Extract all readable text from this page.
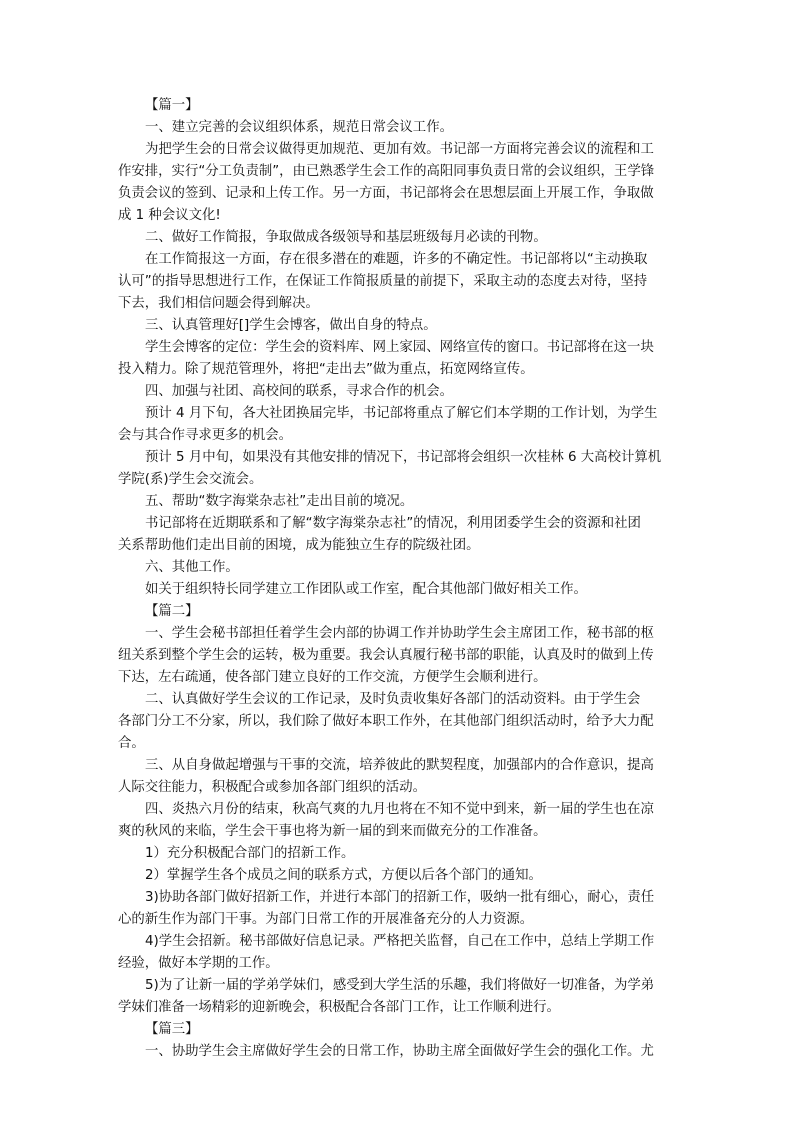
【篇一】
一、建立完善的会议组织体系，规范日常会议工作。
为把学生会的日常会议做得更加规范、更加有效。书记部一方面将完善会议的流程和工
作安排，实行“分工负责制”，由已熟悉学生会工作的高阳同事负责日常的会议组织，王学锋
负责会议的签到、记录和上传工作。另一方面，书记部将会在思想层面上开展工作，争取做
成 1 种会议文化!
二、做好工作简报，争取做成各级领导和基层班级每月必读的刊物。
在工作简报这一方面，存在很多潜在的难题，许多的不确定性。书记部将以“主动换取
认可”的指导思想进行工作，在保证工作简报质量的前提下，采取主动的态度去对待，坚持
下去，我们相信问题会得到解决。
三、认真管理好[]学生会博客，做出自身的特点。
学生会博客的定位：学生会的资料库、网上家园、网络宣传的窗口。书记部将在这一块
投入精力。除了规范管理外，将把“走出去”做为重点，拓宽网络宣传。
四、加强与社团、高校间的联系，寻求合作的机会。
预计 4 月下旬，各大社团换届完毕，书记部将重点了解它们本学期的工作计划，为学生
会与其合作寻求更多的机会。
预计 5 月中旬，如果没有其他安排的情况下，书记部将会组织一次桂林 6 大高校计算机
学院(系)学生会交流会。
五、帮助“数字海棠杂志社”走出目前的境况。
书记部将在近期联系和了解“数字海棠杂志社”的情况，利用团委学生会的资源和社团
关系帮助他们走出目前的困境，成为能独立生存的院级社团。
六、其他工作。
如关于组织特长同学建立工作团队或工作室，配合其他部门做好相关工作。
【篇二】
一、学生会秘书部担任着学生会内部的协调工作并协助学生会主席团工作，秘书部的枢
纽关系到整个学生会的运转，极为重要。我会认真履行秘书部的职能，认真及时的做到上传
下达，左右疏通，使各部门建立良好的工作交流，方便学生会顺利进行。
二、认真做好学生会议的工作记录，及时负责收集好各部门的活动资料。由于学生会
各部门分工不分家，所以，我们除了做好本职工作外，在其他部门组织活动时，给予大力配
合。
三、从自身做起增强与干事的交流，培养彼此的默契程度，加强部内的合作意识，提高
人际交往能力，积极配合或参加各部门组织的活动。
四、炎热六月份的结束，秋高气爽的九月也将在不知不觉中到来，新一届的学生也在凉
爽的秋风的来临，学生会干事也将为新一届的到来而做充分的工作准备。
1）充分积极配合部门的招新工作。
2）掌握学生各个成员之间的联系方式，方便以后各个部门的通知。
3)协助各部门做好招新工作，并进行本部门的招新工作，吸纳一批有细心，耐心，责任
心的新生作为部门干事。为部门日常工作的开展准备充分的人力资源。
4)学生会招新。秘书部做好信息记录。严格把关监督，自己在工作中，总结上学期工作
经验，做好本学期的工作。
5)为了让新一届的学弟学妹们，感受到大学生活的乐趣，我们将做好一切准备，为学弟
学妹们准备一场精彩的迎新晚会，积极配合各部门工作，让工作顺利进行。
【篇三】
一、协助学生会主席做好学生会的日常工作，协助主席全面做好学生会的强化工作。尤
